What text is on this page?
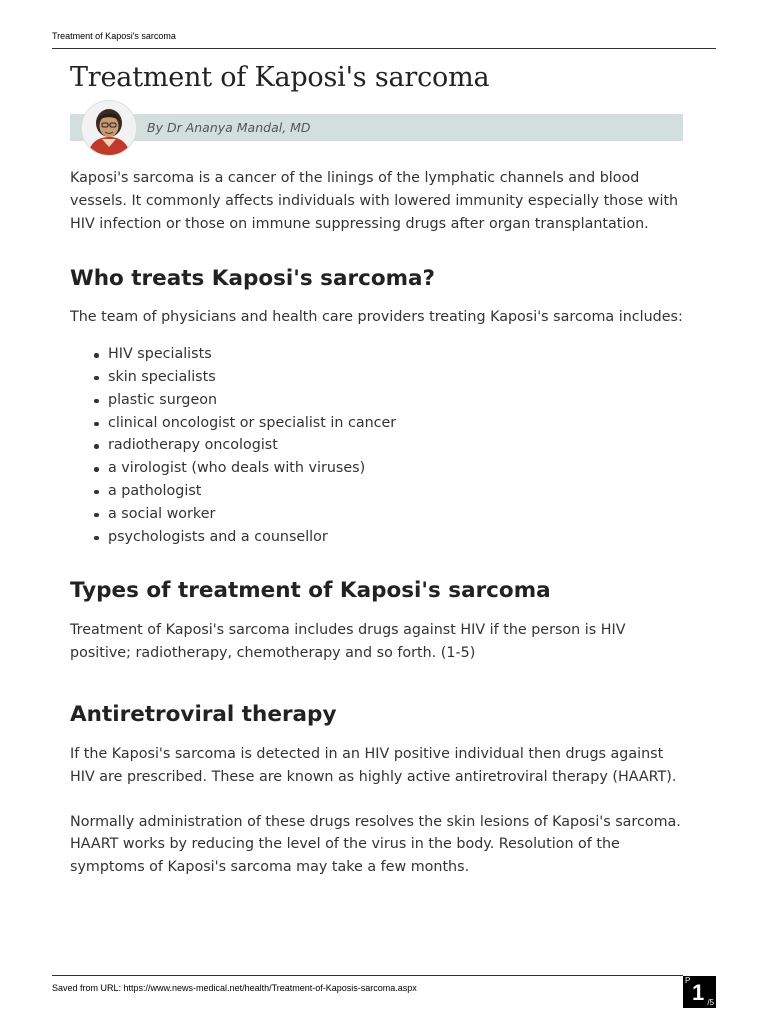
Treatment of Kaposi's sarcoma
Treatment of Kaposi's sarcoma
By Dr Ananya Mandal, MD

Kaposi's sarcoma is a cancer of the linings of the lymphatic channels and blood vessels. It commonly affects individuals with lowered immunity especially those with HIV infection or those on immune suppressing drugs after organ transplantation.

Who treats Kaposi's sarcoma?

The team of physicians and health care providers treating Kaposi's sarcoma includes:

HIV specialists
skin specialists
plastic surgeon
clinical oncologist or specialist in cancer
radiotherapy oncologist
a virologist (who deals with viruses)
a pathologist
a social worker
psychologists and a counsellor
Types of treatment of Kaposi's sarcoma

Treatment of Kaposi's sarcoma includes drugs against HIV if the person is HIV positive; radiotherapy, chemotherapy and so forth. (1-5)

Antiretroviral therapy

If the Kaposi's sarcoma is detected in an HIV positive individual then drugs against HIV are prescribed. These are known as highly active antiretroviral therapy (HAART).

Normally administration of these drugs resolves the skin lesions of Kaposi's sarcoma. HAART works by reducing the level of the virus in the body. Resolution of the symptoms of Kaposi's sarcoma may take a few months.

Saved from URL: https://www.news-medical.net/health/Treatment-of-Kaposis-sarcoma.aspx
P 1 /5
